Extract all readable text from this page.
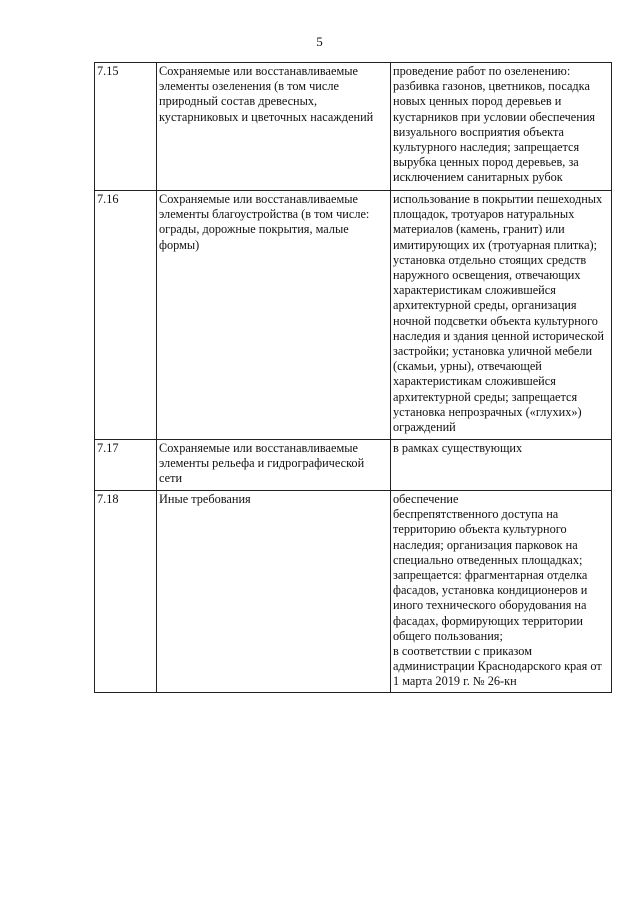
5
7.15	Сохраняемые или восстанавливаемые элементы озеленения (в том числе природный состав древесных, кустарниковых и цветочных насаждений	проведение работ по озеленению: разбивка газонов, цветников, посадка новых ценных пород деревьев и кустарников при условии обеспечения визуального восприятия объекта культурного наследия; запрещается вырубка ценных пород деревьев, за исключением санитарных рубок
7.16	Сохраняемые или восстанавливаемые элементы благоустройства (в том числе: ограды, дорожные покрытия, малые формы)	использование в покрытии пешеходных площадок, тротуаров натуральных материалов (камень, гранит) или имитирующих их (тротуарная плитка); установка отдельно стоящих средств наружного освещения, отвечающих характеристикам сложившейся архитектурной среды, организация ночной подсветки объекта культурного наследия и здания ценной исторической застройки; установка уличной мебели (скамьи, урны), отвечающей характеристикам сложившейся архитектурной среды; запрещается установка непрозрачных («глухих») ограждений
7.17	Сохраняемые или восстанавливаемые элементы рельефа и гидрографической сети	в рамках существующих
7.18	Иные требования	обеспечение
беспрепятственного доступа на территорию объекта культурного наследия; организация парковок на специально отведенных площадках;
запрещается: фрагментарная отделка фасадов, установка кондиционеров и иного технического оборудования на фасадах, формирующих территории общего пользования;
в соответствии с приказом администрации Краснодарского края от 1 марта 2019 г. № 26-кн
